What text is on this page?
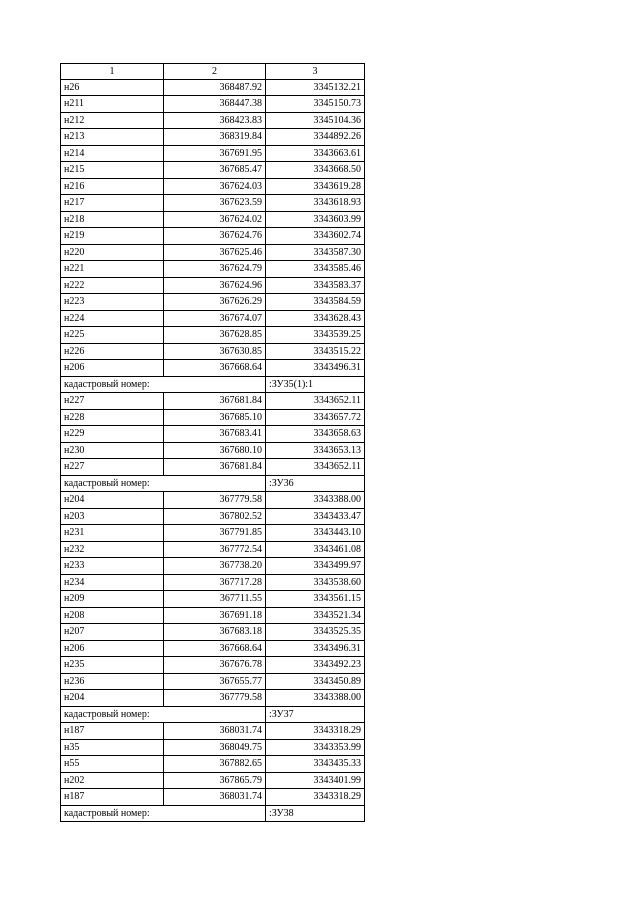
1	2	3
н26	368487.92	3345132.21
н211	368447.38	3345150.73
н212	368423.83	3345104.36
н213	368319.84	3344892.26
н214	367691.95	3343663.61
н215	367685.47	3343668.50
н216	367624.03	3343619.28
н217	367623.59	3343618.93
н218	367624.02	3343603.99
н219	367624.76	3343602.74
н220	367625.46	3343587.30
н221	367624.79	3343585.46
н222	367624.96	3343583.37
н223	367626.29	3343584.59
н224	367674.07	3343628.43
н225	367628.85	3343539.25
н226	367630.85	3343515.22
н206	367668.64	3343496.31
кадастровый номер:	:ЗУ35(1):1
н227	367681.84	3343652.11
н228	367685.10	3343657.72
н229	367683.41	3343658.63
н230	367680.10	3343653.13
н227	367681.84	3343652.11
кадастровый номер:	:ЗУ36
н204	367779.58	3343388.00
н203	367802.52	3343433.47
н231	367791.85	3343443.10
н232	367772.54	3343461.08
н233	367738.20	3343499.97
н234	367717.28	3343538.60
н209	367711.55	3343561.15
н208	367691.18	3343521.34
н207	367683.18	3343525.35
н206	367668.64	3343496.31
н235	367676.78	3343492.23
н236	367655.77	3343450.89
н204	367779.58	3343388.00
кадастровый номер:	:ЗУ37
н187	368031.74	3343318.29
н35	368049.75	3343353.99
н55	367882.65	3343435.33
н202	367865.79	3343401.99
н187	368031.74	3343318.29
кадастровый номер:	:ЗУ38
